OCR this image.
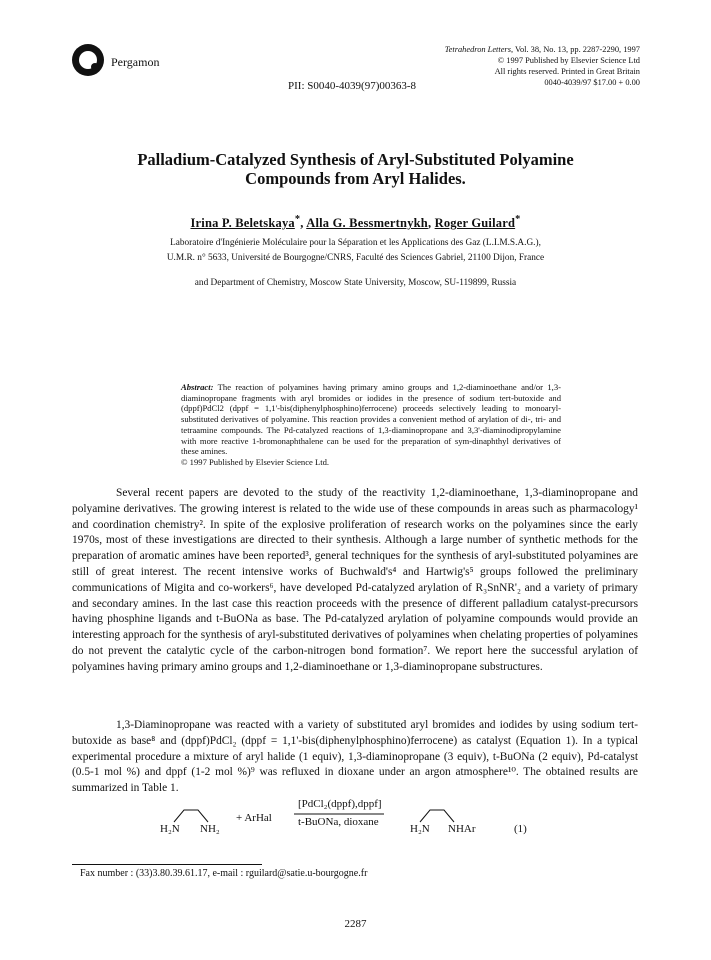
Pergamon
Tetrahedron Letters, Vol. 38, No. 13, pp. 2287-2290, 1997
© 1997 Published by Elsevier Science Ltd
All rights reserved. Printed in Great Britain
0040-4039/97 $17.00 + 0.00
PII: S0040-4039(97)00363-8
Palladium-Catalyzed Synthesis of Aryl-Substituted Polyamine
Compounds from Aryl Halides.
Irina P. Beletskaya*, Alla G. Bessmertnykh, Roger Guilard*
Laboratoire d'Ingénierie Moléculaire pour la Séparation et les Applications des Gaz (L.I.M.S.A.G.),
U.M.R. n° 5633, Université de Bourgogne/CNRS, Faculté des Sciences Gabriel, 21100 Dijon, France
and Department of Chemistry, Moscow State University, Moscow, SU-119899, Russia
Abstract: The reaction of polyamines having primary amino groups and 1,2-diaminoethane and/or 1,3-diaminopropane fragments with aryl bromides or iodides in the presence of sodium tert-butoxide and (dppf)PdCl2 (dppf = 1,1'-bis(diphenylphosphino)ferrocene) proceeds selectively leading to monoaryl-substituted derivatives of polyamine. This reaction provides a convenient method of arylation of di-, tri- and tetraamine compounds. The Pd-catalyzed reactions of 1,3-diaminopropane and 3,3'-diaminodipropylamine with more reactive 1-bromonaphthalene can be used for the preparation of sym-dinaphthyl derivatives of these amines.
© 1997 Published by Elsevier Science Ltd.

Several recent papers are devoted to the study of the reactivity 1,2-diaminoethane, 1,3-diaminopropane and polyamine derivatives. The growing interest is related to the wide use of these compounds in areas such as pharmacology¹ and coordination chemistry². In spite of the explosive proliferation of research works on the polyamines since the early 1970s, most of these investigations are directed to their synthesis. Although a large number of synthetic methods for the preparation of aromatic amines have been reported³, general techniques for the synthesis of aryl-substituted polyamines are still of great interest. The recent intensive works of Buchwald's⁴ and Hartwig's⁵ groups followed the preliminary communications of Migita and co-workers⁶, have developed Pd-catalyzed arylation of R₃SnNR'₂ and a variety of primary and secondary amines. In the last case this reaction proceeds with the presence of different palladium catalyst-precursors having phosphine ligands and t-BuONa as base. The Pd-catalyzed arylation of polyamine compounds would provide an interesting approach for the synthesis of aryl-substituted derivatives of polyamines when chelating properties of polyamines do not prevent the catalytic cycle of the carbon-nitrogen bond formation⁷. We report here the successful arylation of polyamines having primary amino groups and 1,2-diaminoethane or 1,3-diaminopropane substructures.

1,3-Diaminopropane was reacted with a variety of substituted aryl bromides and iodides by using sodium tert-butoxide as base⁸ and (dppf)PdCl₂ (dppf = 1,1'-bis(diphenylphosphino)ferrocene) as catalyst (Equation 1). In a typical experimental procedure a mixture of aryl halide (1 equiv), 1,3-diaminopropane (3 equiv), t-BuONa (2 equiv), Pd-catalyst (0.5-1 mol %) and dppf (1-2 mol %)⁹ was refluxed in dioxane under an argon atmosphere¹⁰. The obtained results are summarized in Table 1.

H₂N NH₂
+ ArHal
[PdCl₂(dppf),dppf]
t-BuONa, dioxane
H₂N NHAr	(1)
Fax number : (33)3.80.39.61.17, e-mail : rguilard@satie.u-bourgogne.fr
2287
